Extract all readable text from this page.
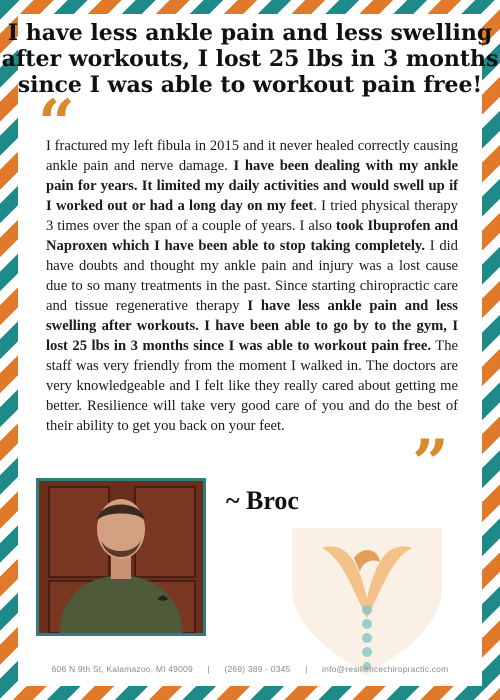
I have less ankle pain and less swelling after workouts, I lost 25 lbs in 3 months since I was able to workout pain free!
“
I fractured my left fibula in 2015 and it never healed correctly causing ankle pain and nerve damage. I have been dealing with my ankle pain for years. It limited my daily activities and would swell up if I worked out or had a long day on my feet. I tried physical therapy 3 times over the span of a couple of years. I also took Ibuprofen and Naproxen which I have been able to stop taking completely. I did have doubts and thought my ankle pain and injury was a lost cause due to so many treatments in the past. Since starting chiropractic care and tissue regenerative therapy I have less ankle pain and less swelling after workouts. I have been able to go by to the gym, I lost 25 lbs in 3 months since I was able to workout pain free. The staff was very friendly from the moment I walked in. The doctors are very knowledgeable and I felt like they really cared about getting me better. Resilience will take very good care of you and do the best of their ability to get you back on your feet.	”
~ Broc
606 N 9th St, Kalamazoo, MI 49009 | (269) 389 - 0345 | info@resiliencechiropractic.com
